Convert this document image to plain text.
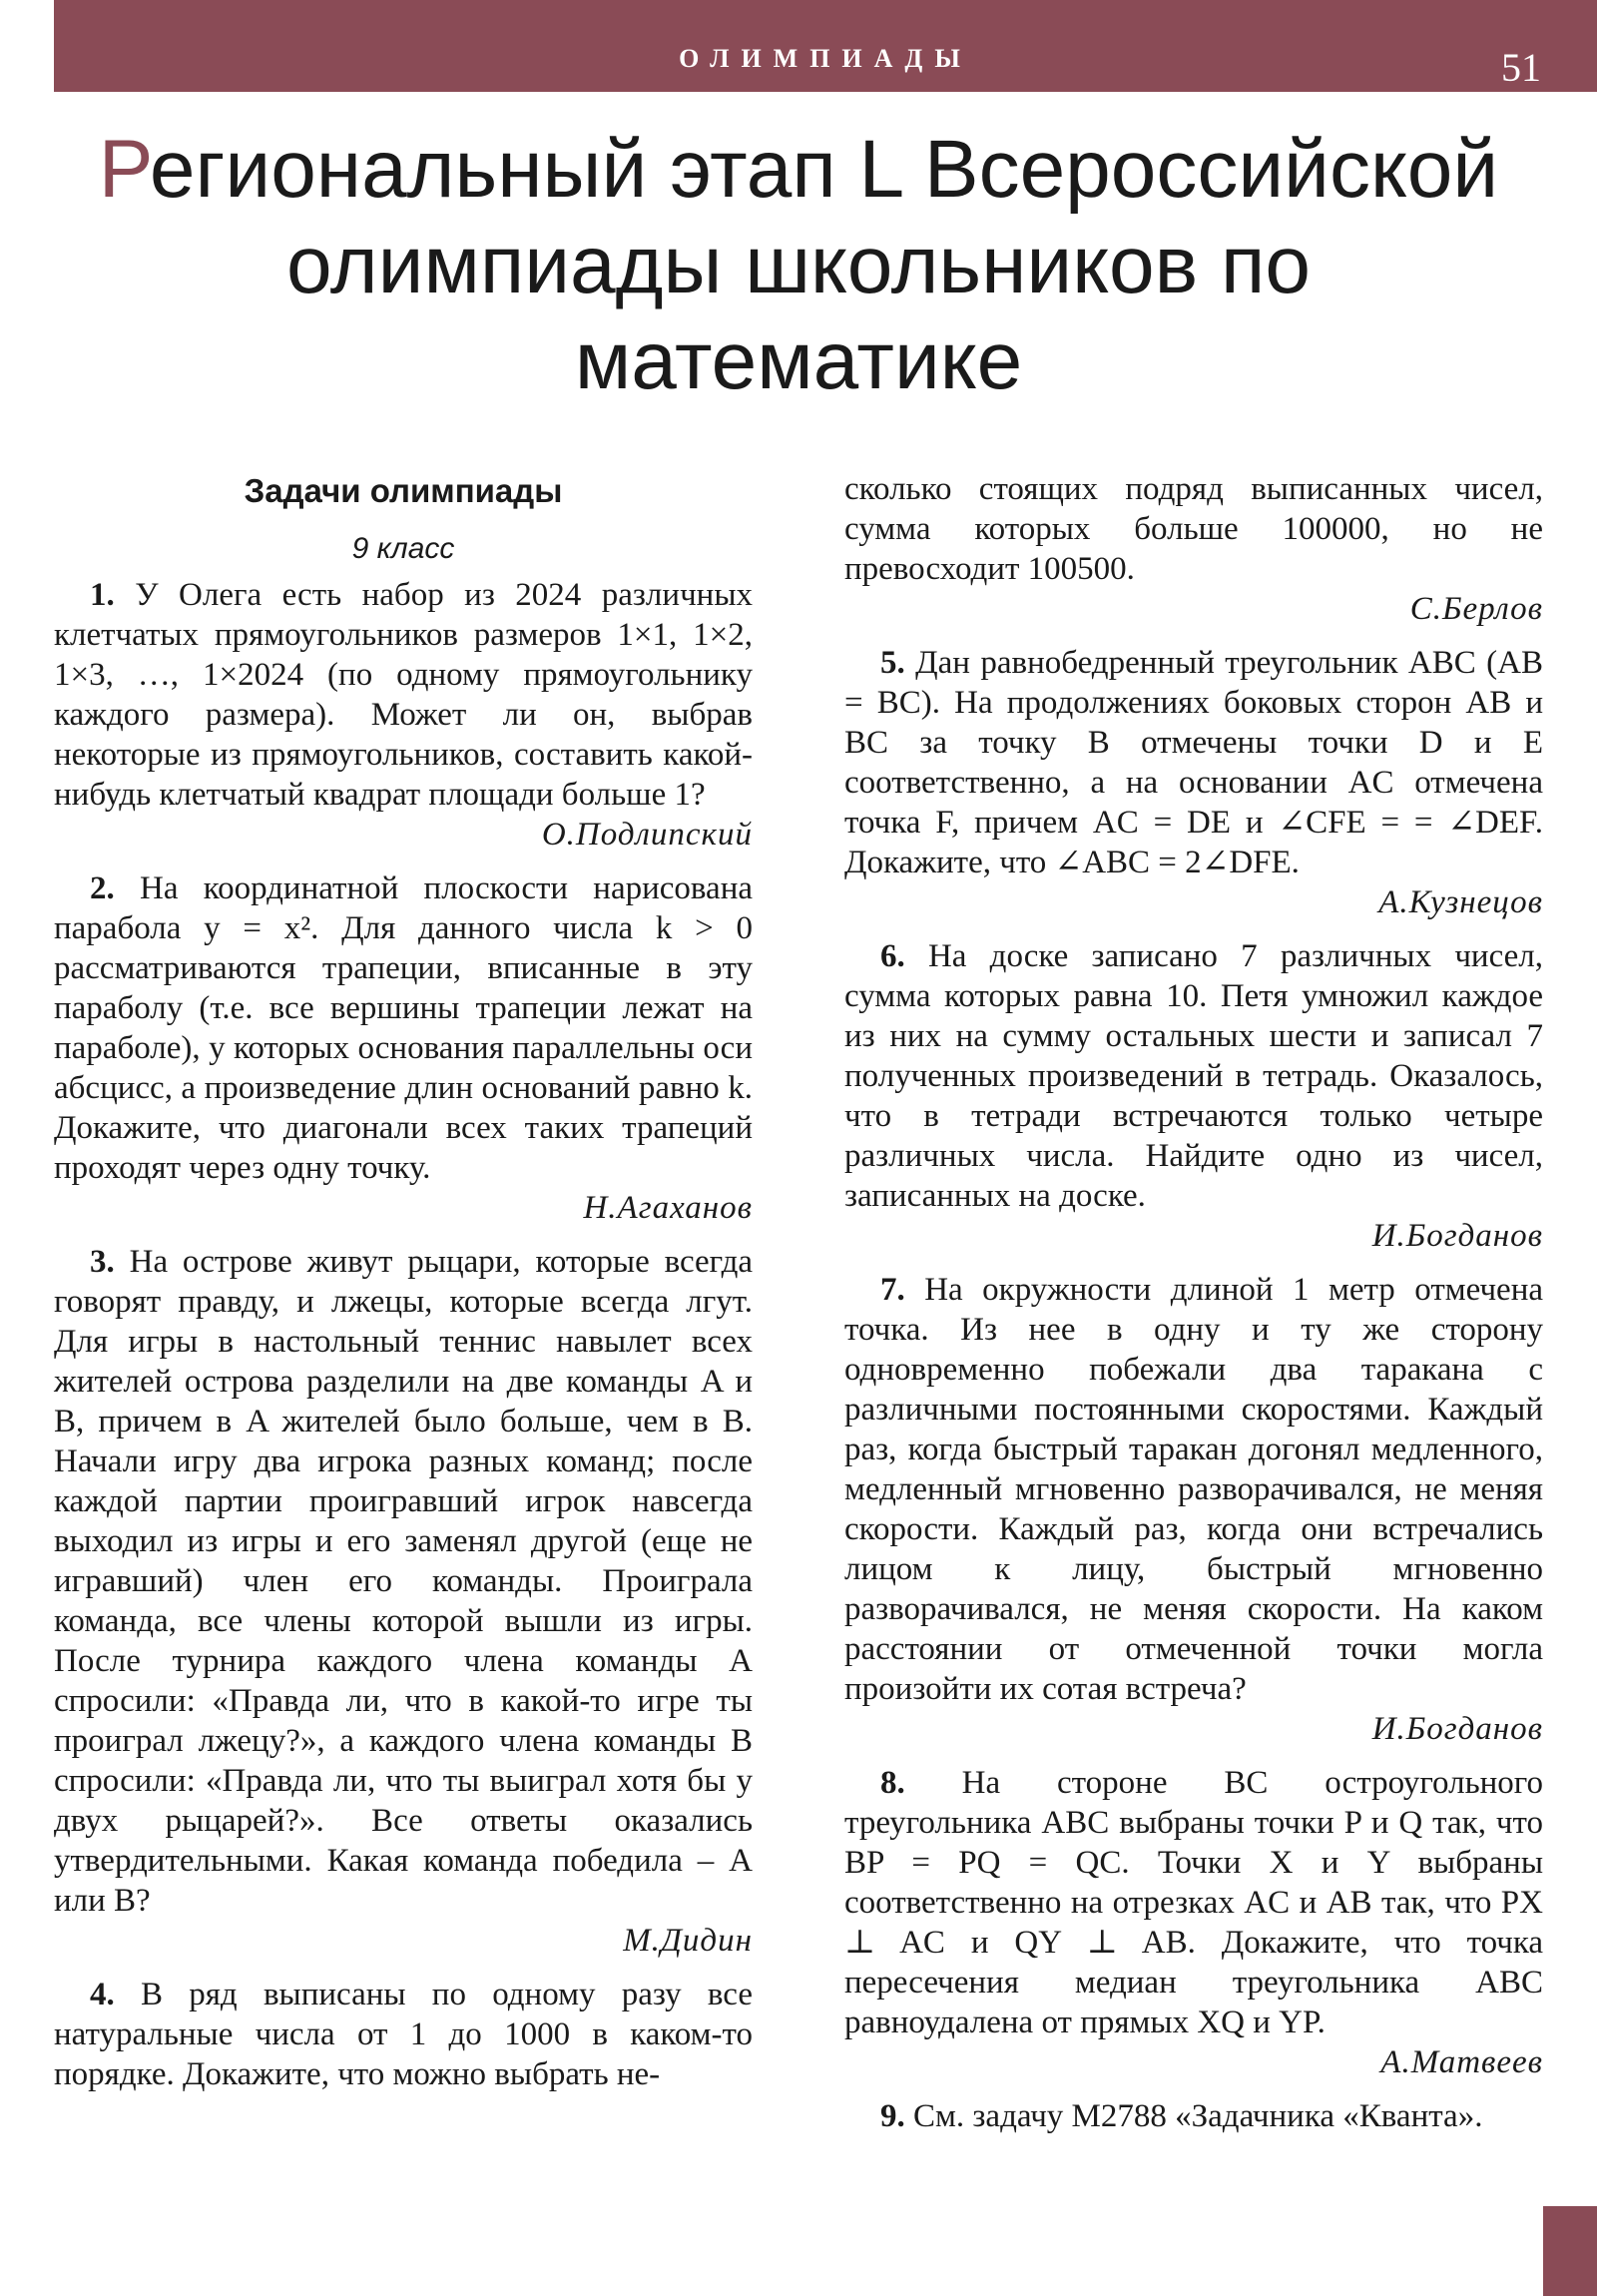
ОЛИМПИАДЫ	51
Региональный этап L Всероссийской олимпиады школьников по математике
Задачи олимпиады
9 класс

1. У Олега есть набор из 2024 различных клетчатых прямоугольников размеров 1×1, 1×2, 1×3, …, 1×2024 (по одному прямоугольнику каждого размера). Может ли он, выбрав некоторые из прямоугольников, составить какой-нибудь клетчатый квадрат площади больше 1?

О.Подлипский

2. На координатной плоскости нарисована парабола y = x². Для данного числа k > 0 рассматриваются трапеции, вписанные в эту параболу (т.е. все вершины трапеции лежат на параболе), у которых основания параллельны оси абсцисс, а произведение длин оснований равно k. Докажите, что диагонали всех таких трапеций проходят через одну точку.

Н.Агаханов

3. На острове живут рыцари, которые всегда говорят правду, и лжецы, которые всегда лгут. Для игры в настольный теннис навылет всех жителей острова разделили на две команды A и B, причем в A жителей было больше, чем в B. Начали игру два игрока разных команд; после каждой партии проигравший игрок навсегда выходил из игры и его заменял другой (еще не игравший) член его команды. Проиграла команда, все члены которой вышли из игры. После турнира каждого члена команды A спросили: «Правда ли, что в какой-то игре ты проиграл лжецу?», а каждого члена команды B спросили: «Правда ли, что ты выиграл хотя бы у двух рыцарей?». Все ответы оказались утвердительными. Какая команда победила – A или B?

М.Дидин

4. В ряд выписаны по одному разу все натуральные числа от 1 до 1000 в каком-то порядке. Докажите, что можно выбрать не-

сколько стоящих подряд выписанных чисел, сумма которых больше 100000, но не превосходит 100500.

С.Берлов

5. Дан равнобедренный треугольник ABC (AB = BC). На продолжениях боковых сторон AB и BC за точку B отмечены точки D и E соответственно, а на основании AC отмечена точка F, причем AC = DE и ∠CFE = = ∠DEF. Докажите, что ∠ABC = 2∠DFE.

А.Кузнецов

6. На доске записано 7 различных чисел, сумма которых равна 10. Петя умножил каждое из них на сумму остальных шести и записал 7 полученных произведений в тетрадь. Оказалось, что в тетради встречаются только четыре различных числа. Найдите одно из чисел, записанных на доске.

И.Богданов

7. На окружности длиной 1 метр отмечена точка. Из нее в одну и ту же сторону одновременно побежали два таракана с различными постоянными скоростями. Каждый раз, когда быстрый таракан догонял медленного, медленный мгновенно разворачивался, не меняя скорости. Каждый раз, когда они встречались лицом к лицу, быстрый мгновенно разворачивался, не меняя скорости. На каком расстоянии от отмеченной точки могла произойти их сотая встреча?

И.Богданов

8. На стороне BC остроугольного треугольника ABC выбраны точки P и Q так, что BP = PQ = QC. Точки X и Y выбраны соответственно на отрезках AC и AB так, что PX ⊥ AC и QY ⊥ AB. Докажите, что точка пересечения медиан треугольника ABC равноудалена от прямых XQ и YP.

А.Матвеев

9. См. задачу М2788 «Задачника «Кванта».
